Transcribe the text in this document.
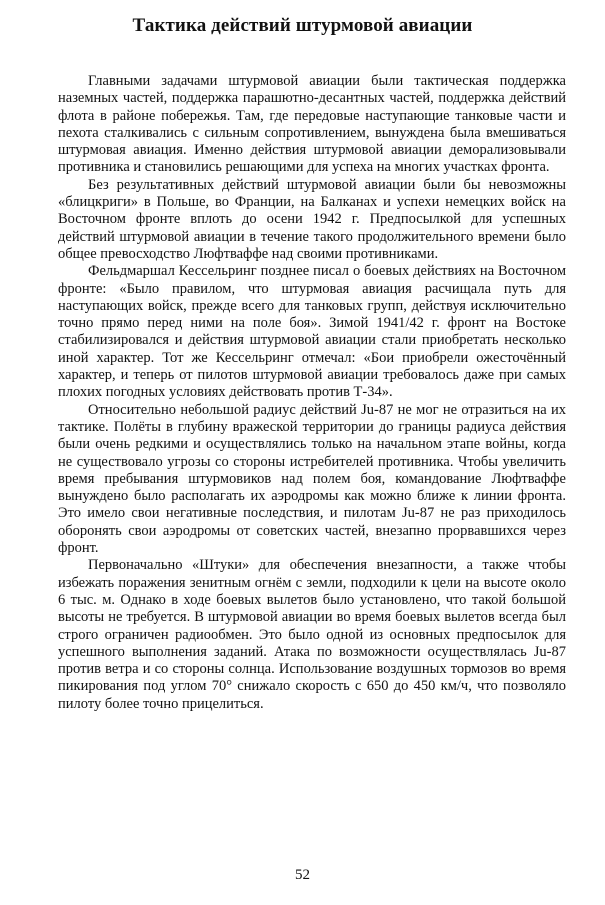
Тактика действий штурмовой авиации

Главными задачами штурмовой авиации были тактическая поддержка наземных частей, поддержка парашютно-десантных частей, поддержка действий флота в районе побережья. Там, где передовые наступающие танковые части и пехота сталкивались с сильным сопротивлением, вынуждена была вмешиваться штурмовая авиация. Именно действия штурмовой авиации деморализовывали противника и становились решающими для успеха на многих участках фронта.

Без результативных действий штурмовой авиации были бы невозможны «блицкриги» в Польше, во Франции, на Балканах и успехи немецких войск на Восточном фронте вплоть до осени 1942 г. Предпосылкой для успешных действий штурмовой авиации в течение такого продолжительного времени было общее превосходство Люфтваффе над своими противниками.

Фельдмаршал Кессельринг позднее писал о боевых действиях на Восточном фронте: «Было правилом, что штурмовая авиация расчищала путь для наступающих войск, прежде всего для танковых групп, действуя исключительно точно прямо перед ними на поле боя». Зимой 1941/42 г. фронт на Востоке стабилизировался и действия штурмовой авиации стали приобретать несколько иной характер. Тот же Кессельринг отмечал: «Бои приобрели ожесточённый характер, и теперь от пилотов штурмовой авиации требовалось даже при самых плохих погодных условиях действовать против Т-34».

Относительно небольшой радиус действий Ju-87 не мог не отразиться на их тактике. Полёты в глубину вражеской территории до границы радиуса действия были очень редкими и осуществлялись только на начальном этапе войны, когда не существовало угрозы со стороны истребителей противника. Чтобы увеличить время пребывания штурмовиков над полем боя, командование Люфтваффе вынуждено было располагать их аэродромы как можно ближе к линии фронта. Это имело свои негативные последствия, и пилотам Ju-87 не раз приходилось оборонять свои аэродромы от советских частей, внезапно прорвавшихся через фронт.

Первоначально «Штуки» для обеспечения внезапности, а также чтобы избежать поражения зенитным огнём с земли, подходили к цели на высоте около 6 тыс. м. Однако в ходе боевых вылетов было установлено, что такой большой высоты не требуется. В штурмовой авиации во время боевых вылетов всегда был строго ограничен радиообмен. Это было одной из основных предпосылок для успешного выполнения заданий. Атака по возможности осуществлялась Ju-87 против ветра и со стороны солнца. Использование воздушных тормозов во время пикирования под углом 70° снижало скорость с 650 до 450 км/ч, что позволяло пилоту более точно прицелиться.

52
